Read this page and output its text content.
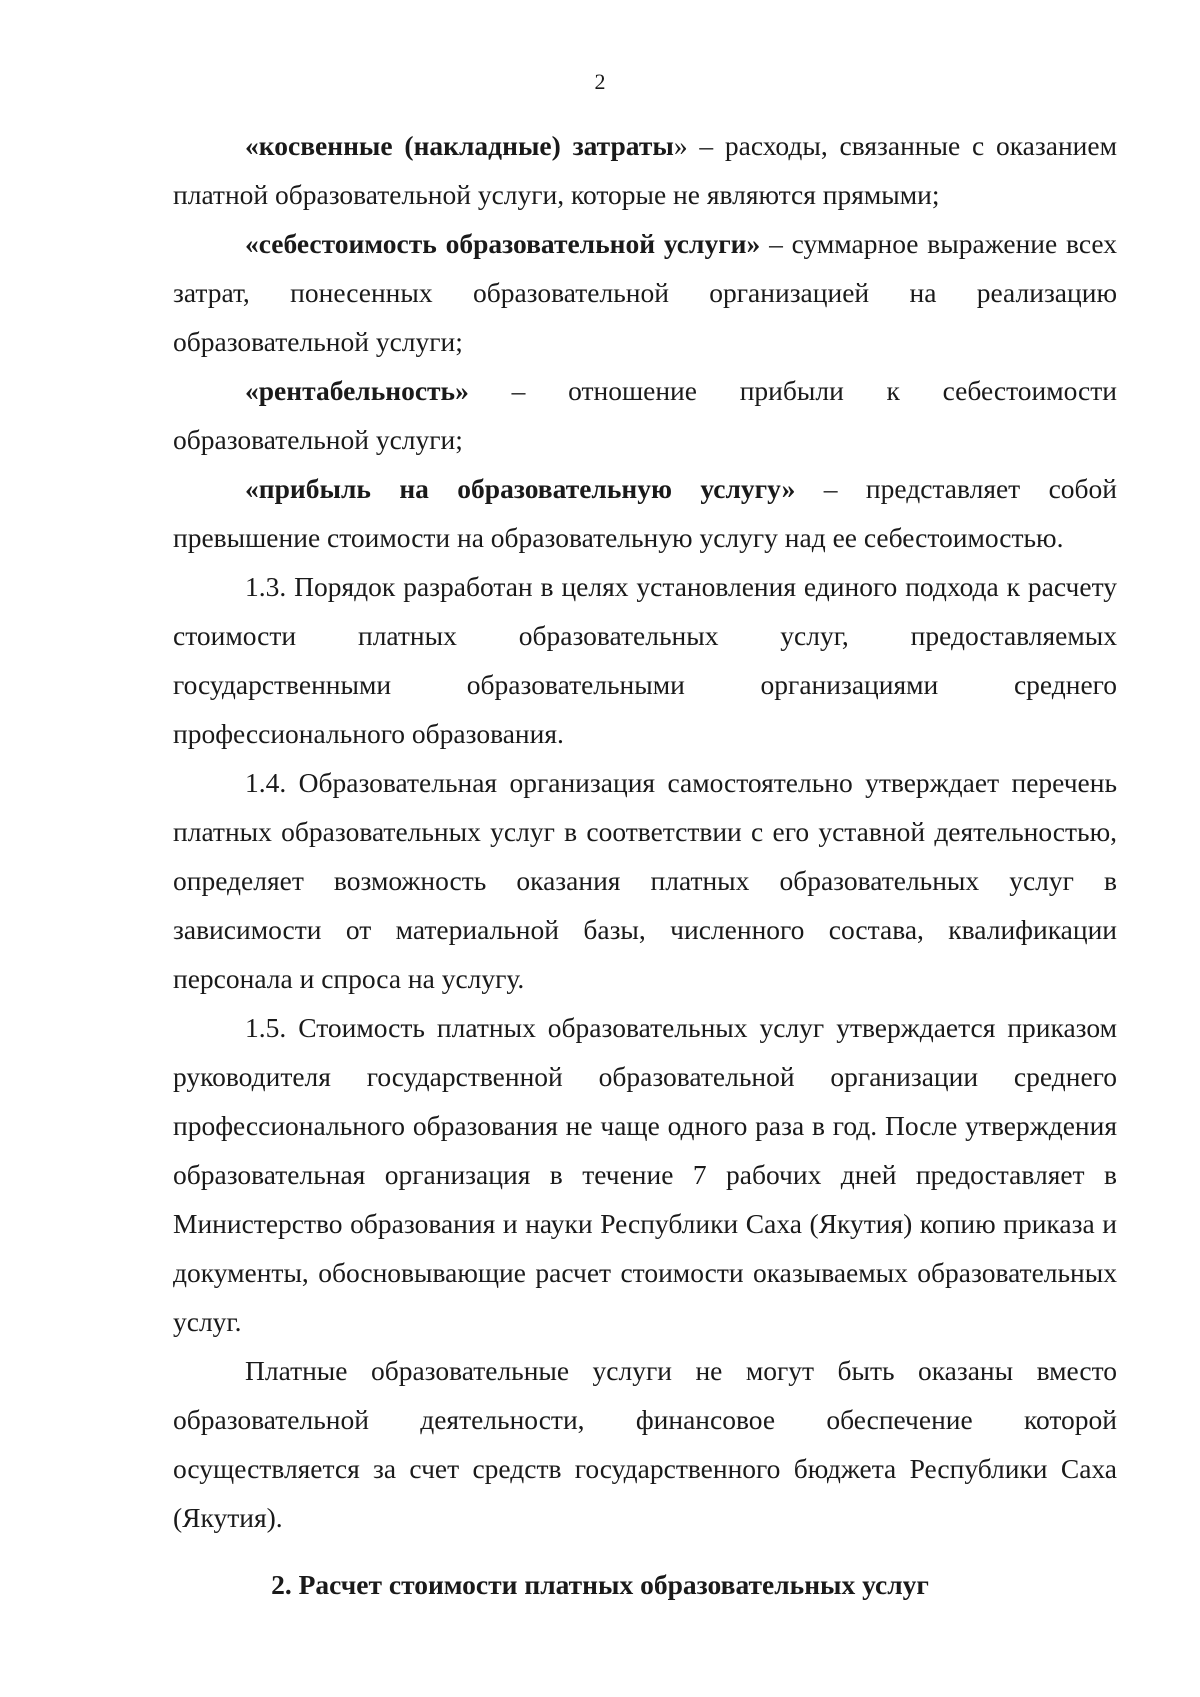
2

«косвенные (накладные) затраты» – расходы, связанные с оказанием платной образовательной услуги, которые не являются прямыми;

«себестоимость образовательной услуги» – суммарное выражение всех затрат, понесенных образовательной организацией на реализацию образовательной услуги;

«рентабельность» – отношение прибыли к себестоимости образовательной услуги;

«прибыль на образовательную услугу» – представляет собой превышение стоимости на образовательную услугу над ее себестоимостью.

1.3. Порядок разработан в целях установления единого подхода к расчету стоимости платных образовательных услуг, предоставляемых государственными образовательными организациями среднего профессионального образования.

1.4. Образовательная организация самостоятельно утверждает перечень платных образовательных услуг в соответствии с его уставной деятельностью, определяет возможность оказания платных образовательных услуг в зависимости от материальной базы, численного состава, квалификации персонала и спроса на услугу.

1.5. Стоимость платных образовательных услуг утверждается приказом руководителя государственной образовательной организации среднего профессионального образования не чаще одного раза в год. После утверждения образовательная организация в течение 7 рабочих дней предоставляет в Министерство образования и науки Республики Саха (Якутия) копию приказа и документы, обосновывающие расчет стоимости оказываемых образовательных услуг.

Платные образовательные услуги не могут быть оказаны вместо образовательной деятельности, финансовое обеспечение которой осуществляется за счет средств государственного бюджета Республики Саха (Якутия).

2. Расчет стоимости платных образовательных услуг
